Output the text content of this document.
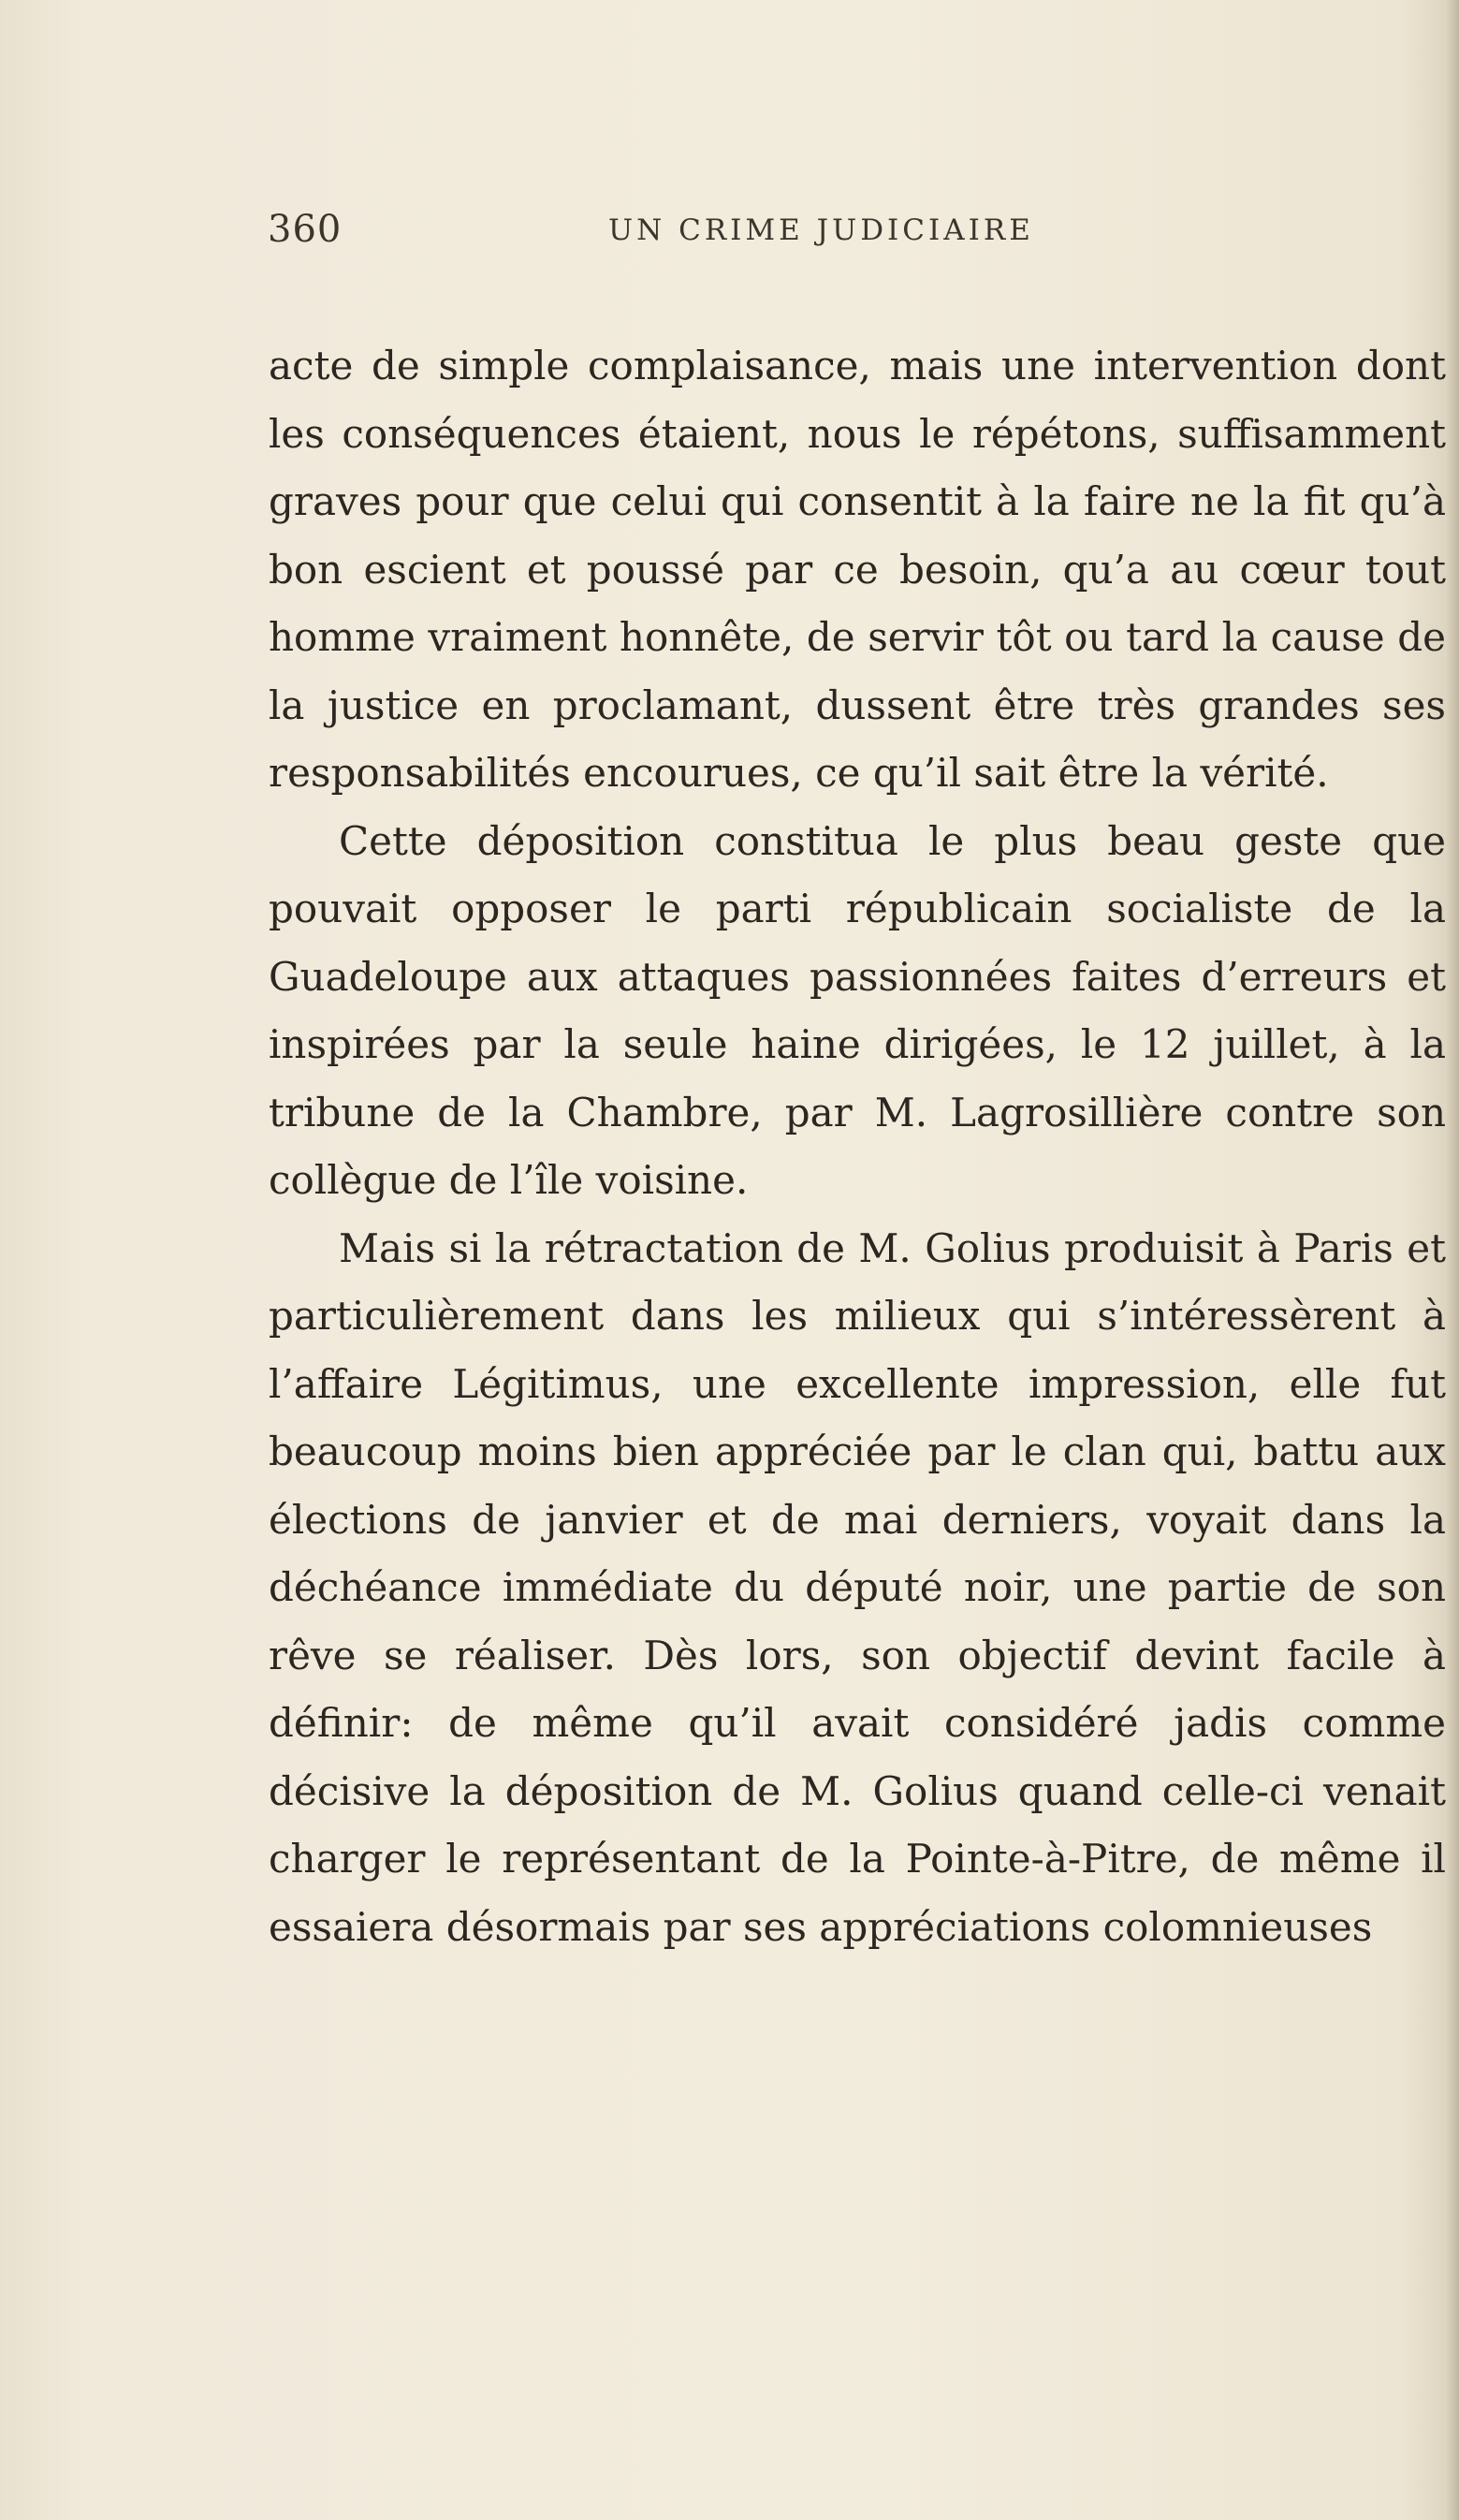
360	UN CRIME JUDICIAIRE

acte de simple complaisance, mais une intervention dont les conséquences étaient, nous le répétons, suffisamment graves pour que celui qui consentit à la faire ne la fit qu’à bon escient et poussé par ce besoin, qu’a au cœur tout homme vraiment honnête, de servir tôt ou tard la cause de la justice en proclamant, dussent être très grandes ses responsabilités encourues, ce qu’il sait être la vérité.

Cette déposition constitua le plus beau geste que pouvait opposer le parti républicain socialiste de la Guadeloupe aux attaques passionnées faites d’erreurs et inspirées par la seule haine dirigées, le 12 juillet, à la tribune de la Chambre, par M. Lagrosillière contre son collègue de l’île voisine.

Mais si la rétractation de M. Golius produisit à Paris et particulièrement dans les milieux qui s’intéressèrent à l’affaire Légitimus, une excellente impression, elle fut beaucoup moins bien appréciée par le clan qui, battu aux élections de janvier et de mai derniers, voyait dans la déchéance immédiate du député noir, une partie de son rêve se réaliser. Dès lors, son objectif devint facile à définir: de même qu’il avait considéré jadis comme décisive la déposition de M. Golius quand celle-ci venait charger le représentant de la Pointe-à-Pitre, de même il essaiera désormais par ses appréciations colomnieuses
